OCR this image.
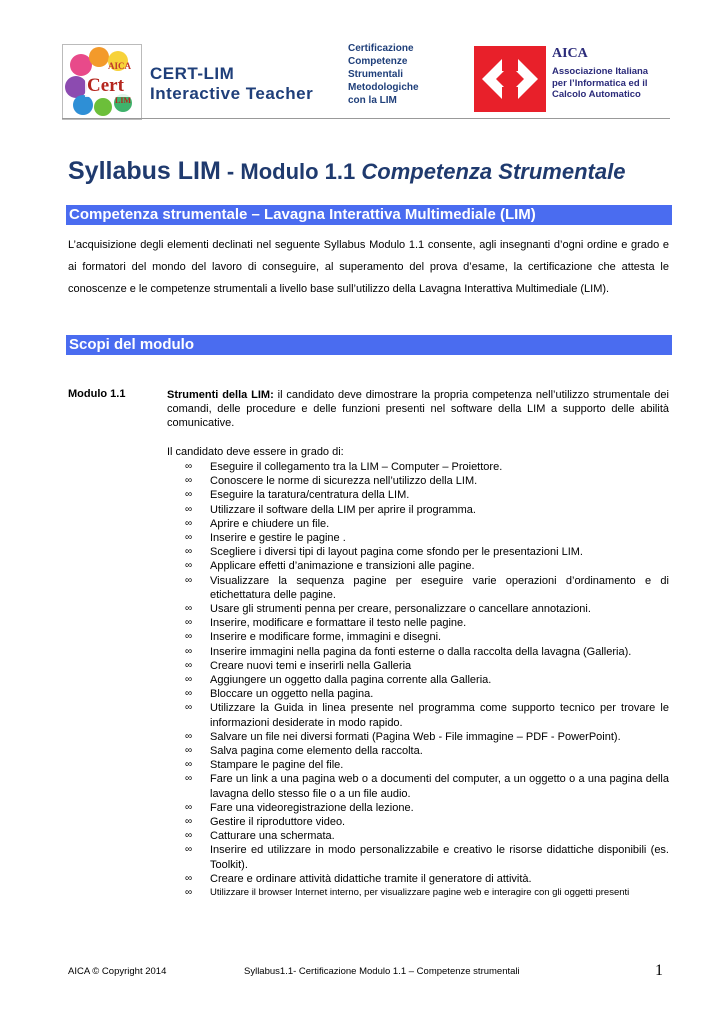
AICA
Cert
LIM
CERT-LIM
Interactive Teacher
Certificazione
Competenze
Strumentali
Metodologiche
con la LIM
AICA
Associazione Italiana
per l’Informatica ed il
Calcolo Automatico
Syllabus LIM - Modulo 1.1 Competenza Strumentale
Competenza strumentale – Lavagna Interattiva Multimediale (LIM)
L’acquisizione degli elementi declinati nel seguente Syllabus Modulo 1.1 consente, agli insegnanti d’ogni ordine e grado e ai formatori del mondo del lavoro di conseguire, al superamento del prova d’esame, la certificazione che attesta le conoscenze e le competenze strumentali a livello base sull’utilizzo della Lavagna Interattiva Multimediale (LIM).
Scopi del modulo
Modulo 1.1	Strumenti della LIM: il candidato deve dimostrare la propria competenza nell’utilizzo strumentale dei comandi, delle procedure e delle funzioni presenti nel software della LIM a supporto delle abilità comunicative.
Il candidato deve essere in grado di:
∞ Eseguire il collegamento tra la LIM – Computer – Proiettore.
∞ Conoscere le norme di sicurezza nell’utilizzo della LIM.
∞ Eseguire la taratura/centratura della LIM.
∞ Utilizzare il software della LIM per aprire il programma.
∞ Aprire e chiudere un file.
∞ Inserire e gestire le pagine .
∞ Scegliere i diversi tipi di layout pagina come sfondo per le presentazioni LIM.
∞ Applicare effetti d’animazione e transizioni alle pagine.
∞ Visualizzare la sequenza pagine per eseguire varie operazioni d’ordinamento e di etichettatura delle pagine.
∞ Usare gli strumenti penna per creare, personalizzare o cancellare annotazioni.
∞ Inserire, modificare e formattare il testo nelle pagine.
∞ Inserire e modificare forme, immagini e disegni.
∞ Inserire immagini nella pagina da fonti esterne o dalla raccolta della lavagna (Galleria).
∞ Creare nuovi temi e inserirli nella Galleria
∞ Aggiungere un oggetto dalla pagina corrente alla Galleria.
∞ Bloccare un oggetto nella pagina.
∞ Utilizzare la Guida in linea presente nel programma come supporto tecnico per trovare le informazioni desiderate in modo rapido.
∞ Salvare un file nei diversi formati (Pagina Web - File immagine – PDF - PowerPoint).
∞ Salva pagina come elemento della raccolta.
∞ Stampare le pagine del file.
∞ Fare un link a una pagina web o a documenti del computer, a un oggetto o a una pagina della lavagna dello stesso file o a un file audio.
∞ Fare una videoregistrazione della lezione.
∞ Gestire il riproduttore video.
∞ Catturare una schermata.
∞ Inserire ed utilizzare in modo personalizzabile e creativo le risorse didattiche disponibili (es. Toolkit).
∞ Creare e ordinare attività didattiche tramite il generatore di attività.
∞ Utilizzare il browser Internet interno, per visualizzare pagine web e interagire con gli oggetti presenti
AICA © Copyright 2014	Syllabus1.1- Certificazione Modulo 1.1 – Competenze strumentali	1
